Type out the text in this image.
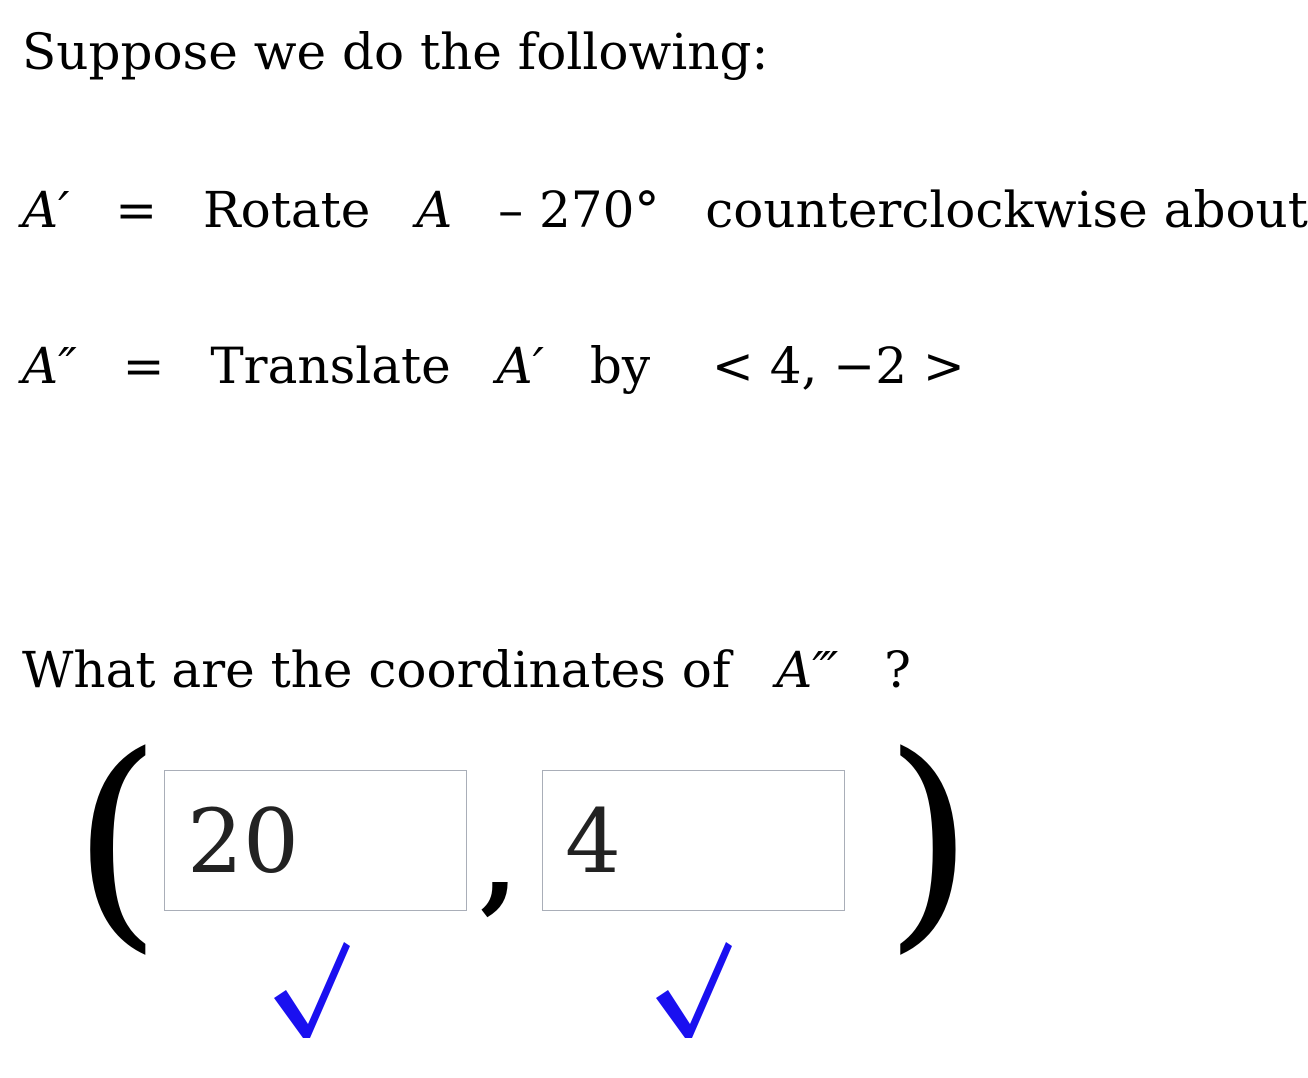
Suppose we do the following:
A′ = Rotate A – 270° counterclockwise about
A″ = Translate A′ by < 4, −2 >
What are the coordinates of A‴ ?
( 20	, 4	)
